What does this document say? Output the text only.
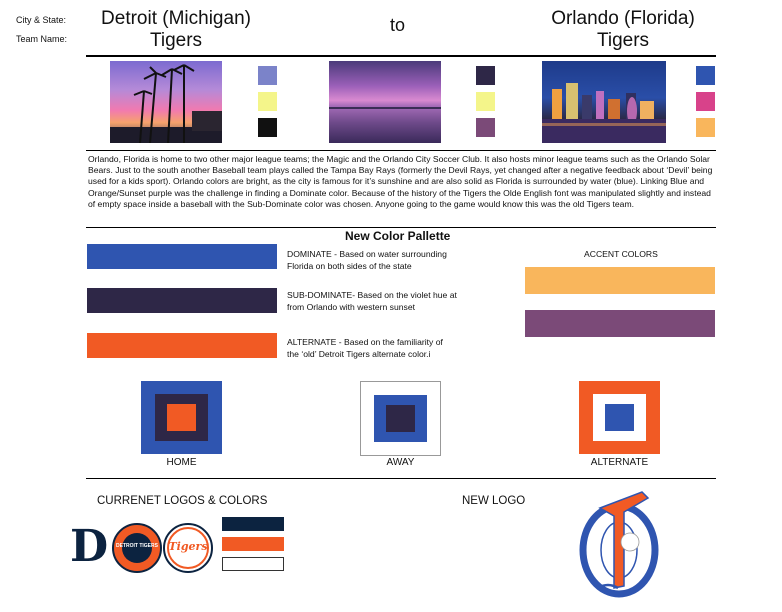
City & State:
Team Name:
Detroit (Michigan)
Tigers
to	Orlando (Florida)
Tigers
Orlando, Florida is home to two other major league teams; the Magic and the Orlando City Soccer Club. It also hosts minor league teams such as the Orlando Solar Bears. Just to the south another Baseball team plays called the Tampa Bay Rays (formerly the Devil Rays, yet changed after a negative feedback about ‘Devil’ being used for a kids sport). Orlando colors are bright, as the city is famous for it’s sunshine and are also solid as Florida is surrounded by water (blue). Linking Blue and Orange/Sunset purple was the challenge in finding a Dominate color. Because of the history of the Tigers the Olde English font was manipulated slightly and instead of empty space inside a baseball with the Sub-Dominate color was chosen. Anyone going to the game would know this was the old Tigers team.
New Color Pallette
DOMINATE - Based on water surrounding Florida on both sides of the state
SUB-DOMINATE- Based on the violet hue at from Orlando with western sunset
ALTERNATE - Based on the familiarity of the ‘old’ Detroit Tigers alternate color.i
ACCENT COLORS
HOME	AWAY	ALTERNATE
CURRENET LOGOS & COLORS	NEW LOGO
D	DETROIT TIGERS Tigers
